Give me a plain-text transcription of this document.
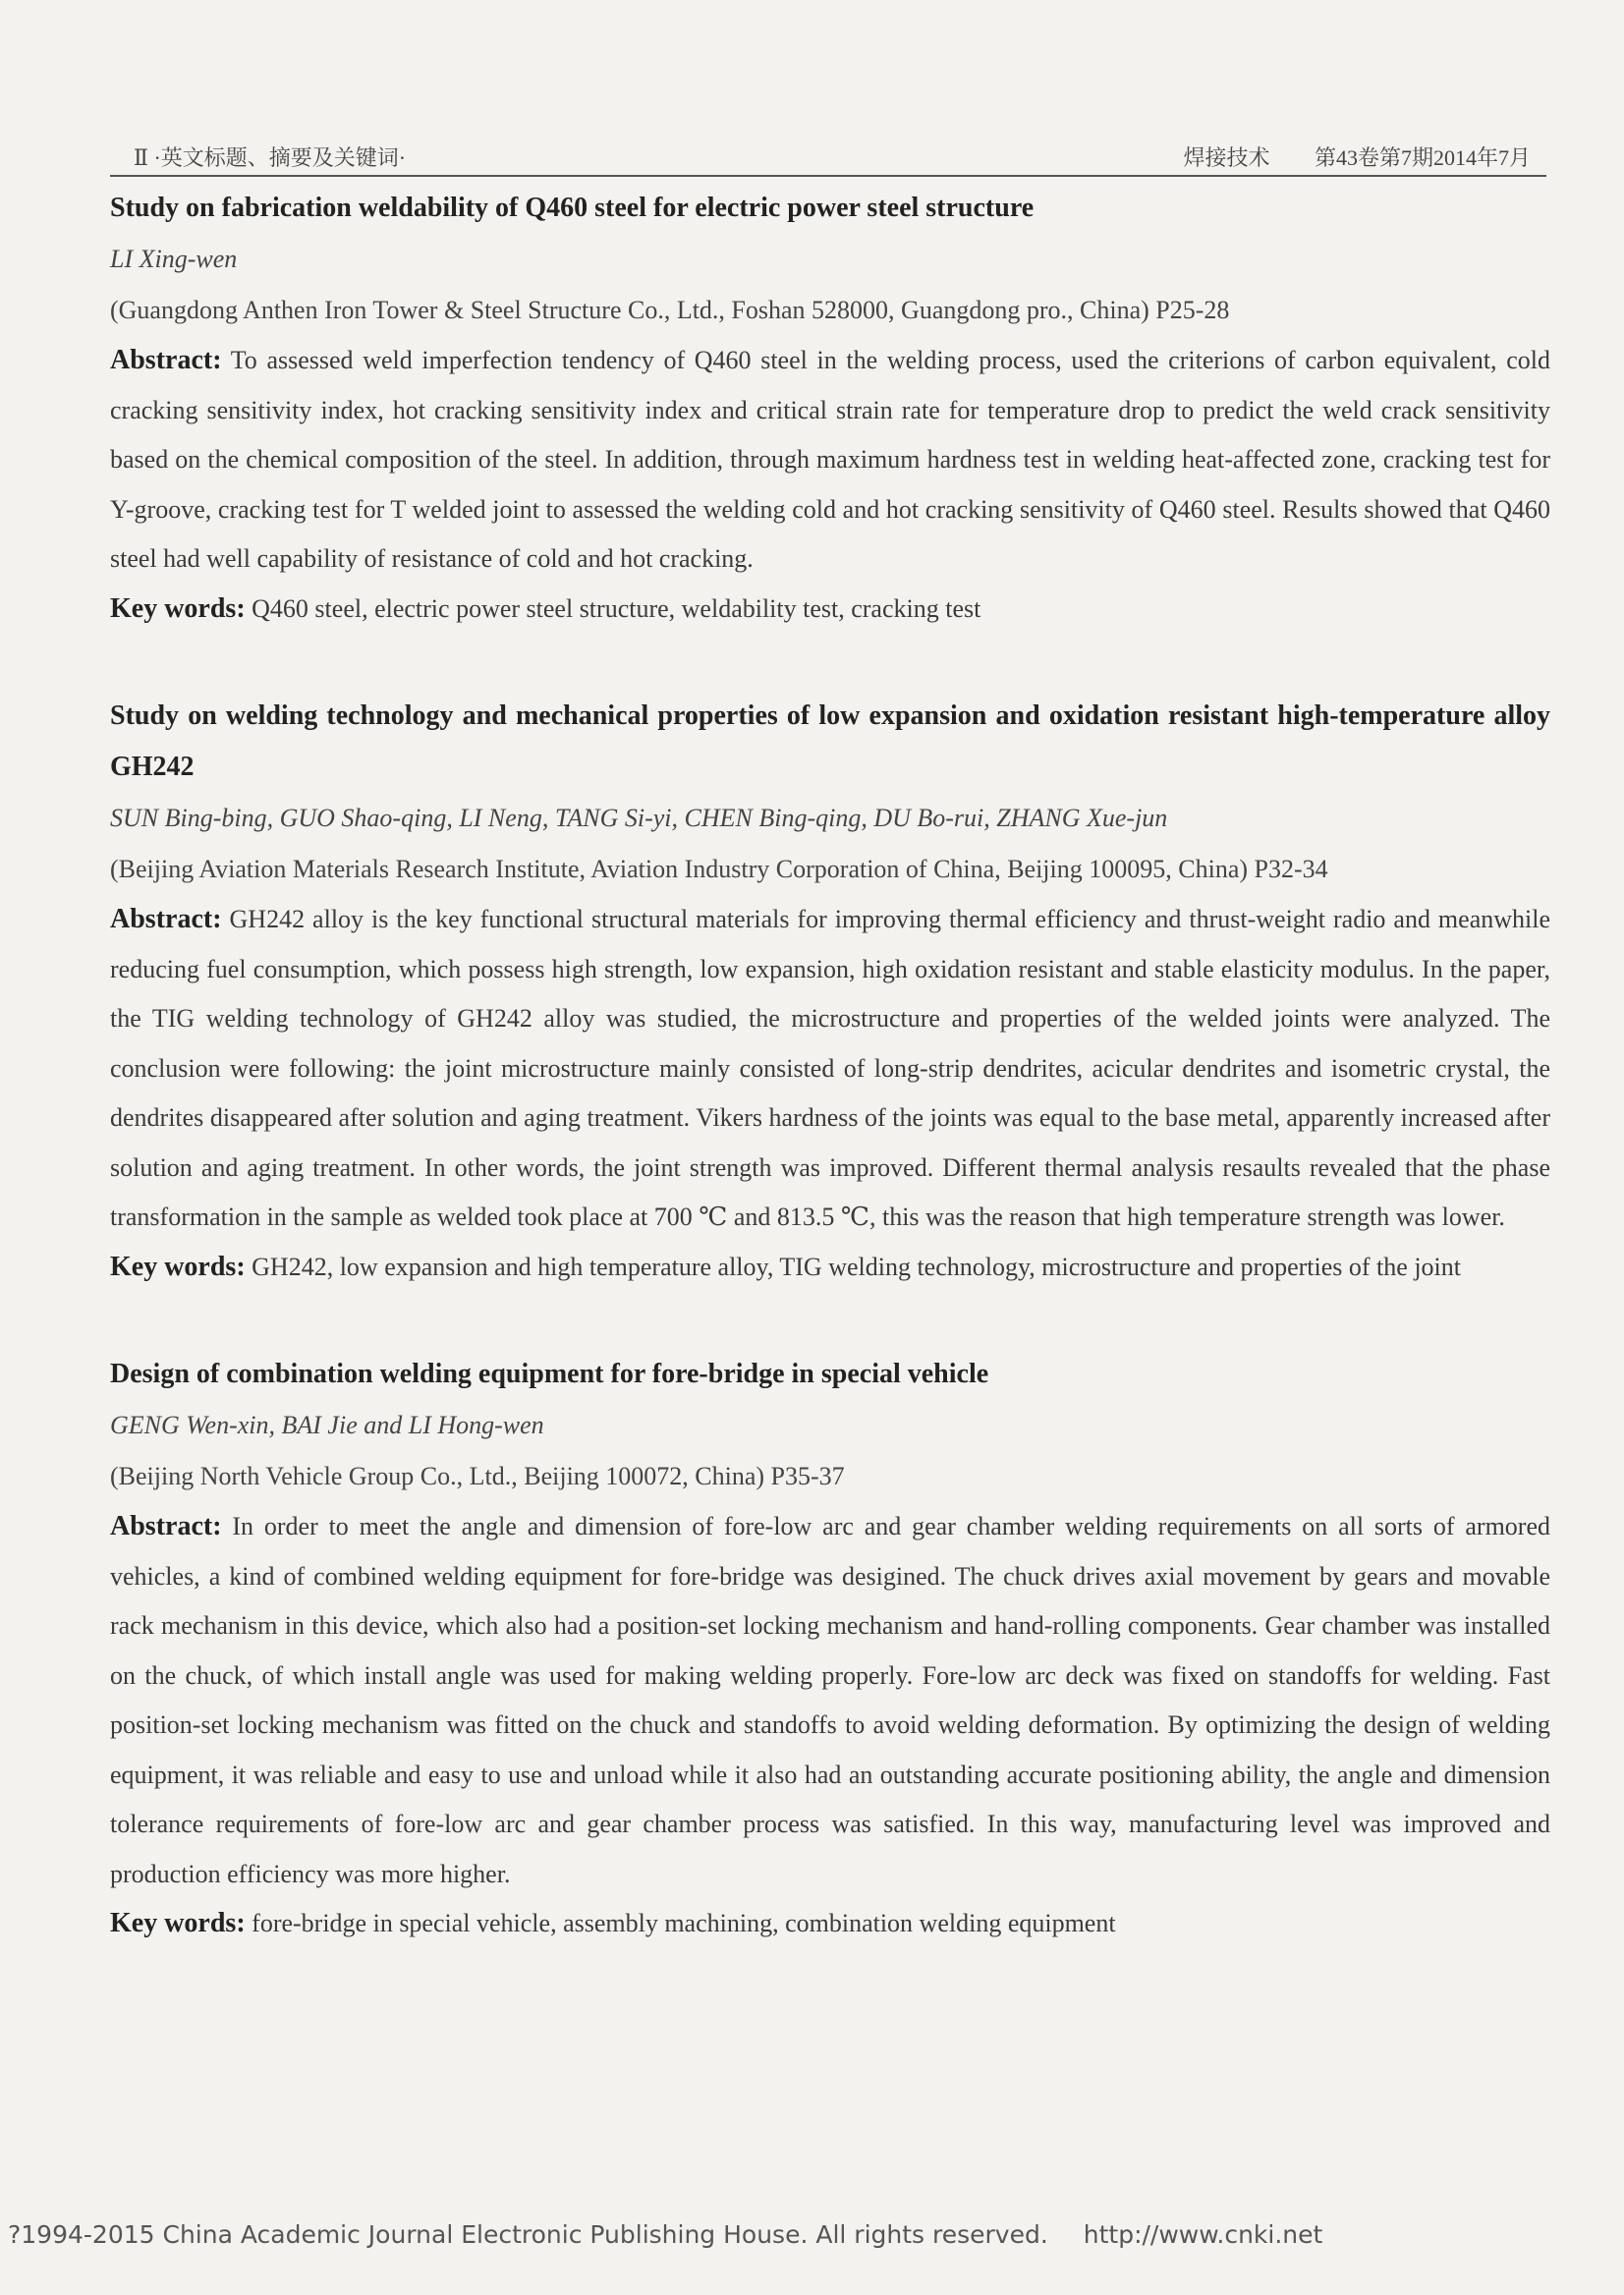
Ⅱ ·英文标题、摘要及关键词·	焊接技术 第43卷第7期2014年7月
Study on fabrication weldability of Q460 steel for electric power steel structure
LI Xing-wen
(Guangdong Anthen Iron Tower & Steel Structure Co., Ltd., Foshan 528000, Guangdong pro., China) P25-28
Abstract: To assessed weld imperfection tendency of Q460 steel in the welding process, used the criterions of carbon equivalent, cold cracking sensitivity index, hot cracking sensitivity index and critical strain rate for temperature drop to predict the weld crack sensitivity based on the chemical composition of the steel. In addition, through maximum hardness test in welding heat-affected zone, cracking test for Y-groove, cracking test for T welded joint to assessed the welding cold and hot cracking sensitivity of Q460 steel. Results showed that Q460 steel had well capability of resistance of cold and hot cracking.
Key words: Q460 steel, electric power steel structure, weldability test, cracking test
Study on welding technology and mechanical properties of low expansion and oxidation resistant high-temperature alloy GH242
SUN Bing-bing, GUO Shao-qing, LI Neng, TANG Si-yi, CHEN Bing-qing, DU Bo-rui, ZHANG Xue-jun
(Beijing Aviation Materials Research Institute, Aviation Industry Corporation of China, Beijing 100095, China) P32-34
Abstract: GH242 alloy is the key functional structural materials for improving thermal efficiency and thrust-weight radio and meanwhile reducing fuel consumption, which possess high strength, low expansion, high oxidation resistant and stable elasticity modulus. In the paper, the TIG welding technology of GH242 alloy was studied, the microstructure and properties of the welded joints were analyzed. The conclusion were following: the joint microstructure mainly consisted of long-strip dendrites, acicular dendrites and isometric crystal, the dendrites disappeared after solution and aging treatment. Vikers hardness of the joints was equal to the base metal, apparently increased after solution and aging treatment. In other words, the joint strength was improved. Different thermal analysis resaults revealed that the phase transformation in the sample as welded took place at 700 ℃ and 813.5 ℃, this was the reason that high temperature strength was lower.
Key words: GH242, low expansion and high temperature alloy, TIG welding technology, microstructure and properties of the joint
Design of combination welding equipment for fore-bridge in special vehicle
GENG Wen-xin, BAI Jie and LI Hong-wen
(Beijing North Vehicle Group Co., Ltd., Beijing 100072, China) P35-37
Abstract: In order to meet the angle and dimension of fore-low arc and gear chamber welding requirements on all sorts of armored vehicles, a kind of combined welding equipment for fore-bridge was desigined. The chuck drives axial movement by gears and movable rack mechanism in this device, which also had a position-set locking mechanism and hand-rolling components. Gear chamber was installed on the chuck, of which install angle was used for making welding properly. Fore-low arc deck was fixed on standoffs for welding. Fast position-set locking mechanism was fitted on the chuck and standoffs to avoid welding deformation. By optimizing the design of welding equipment, it was reliable and easy to use and unload while it also had an outstanding accurate positioning ability, the angle and dimension tolerance requirements of fore-low arc and gear chamber process was satisfied. In this way, manufacturing level was improved and production efficiency was more higher.
Key words: fore-bridge in special vehicle, assembly machining, combination welding equipment
?1994-2015 China Academic Journal Electronic Publishing House. All rights reserved. http://www.cnki.net
